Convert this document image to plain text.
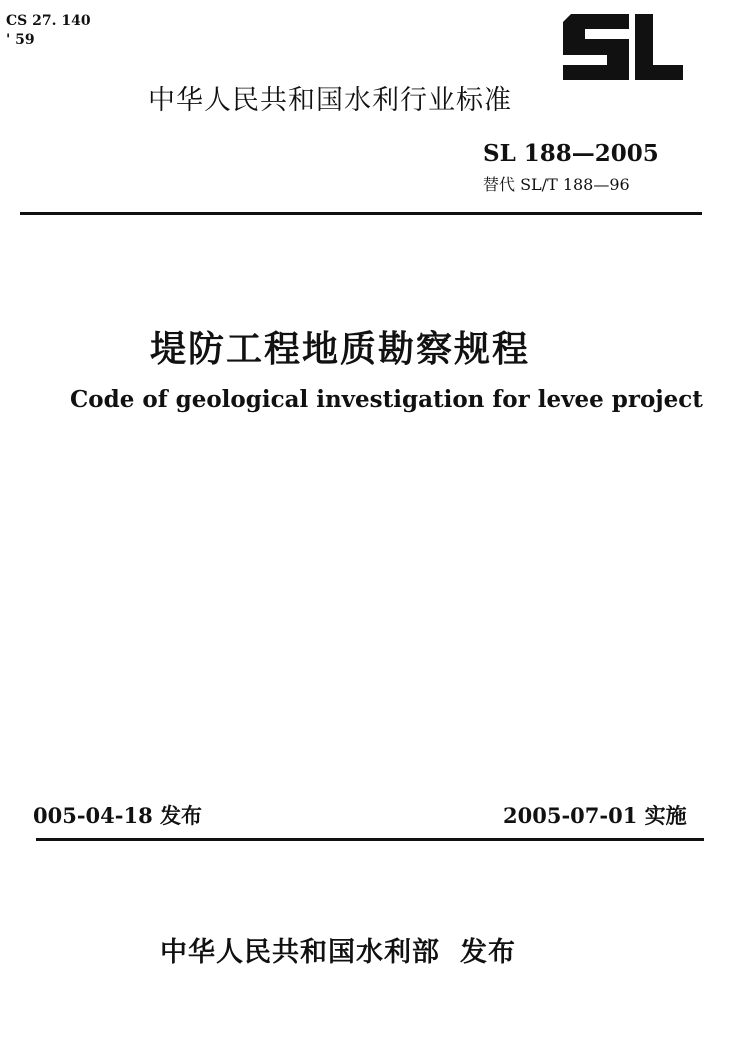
CS 27. 140
' 59
中华人民共和国水利行业标准
SL 188—2005
替代 SL/T 188—96
堤防工程地质勘察规程
Code of geological investigation for levee project
005-04-18 发布	2005-07-01 实施
中华人民共和国水利部 发布
